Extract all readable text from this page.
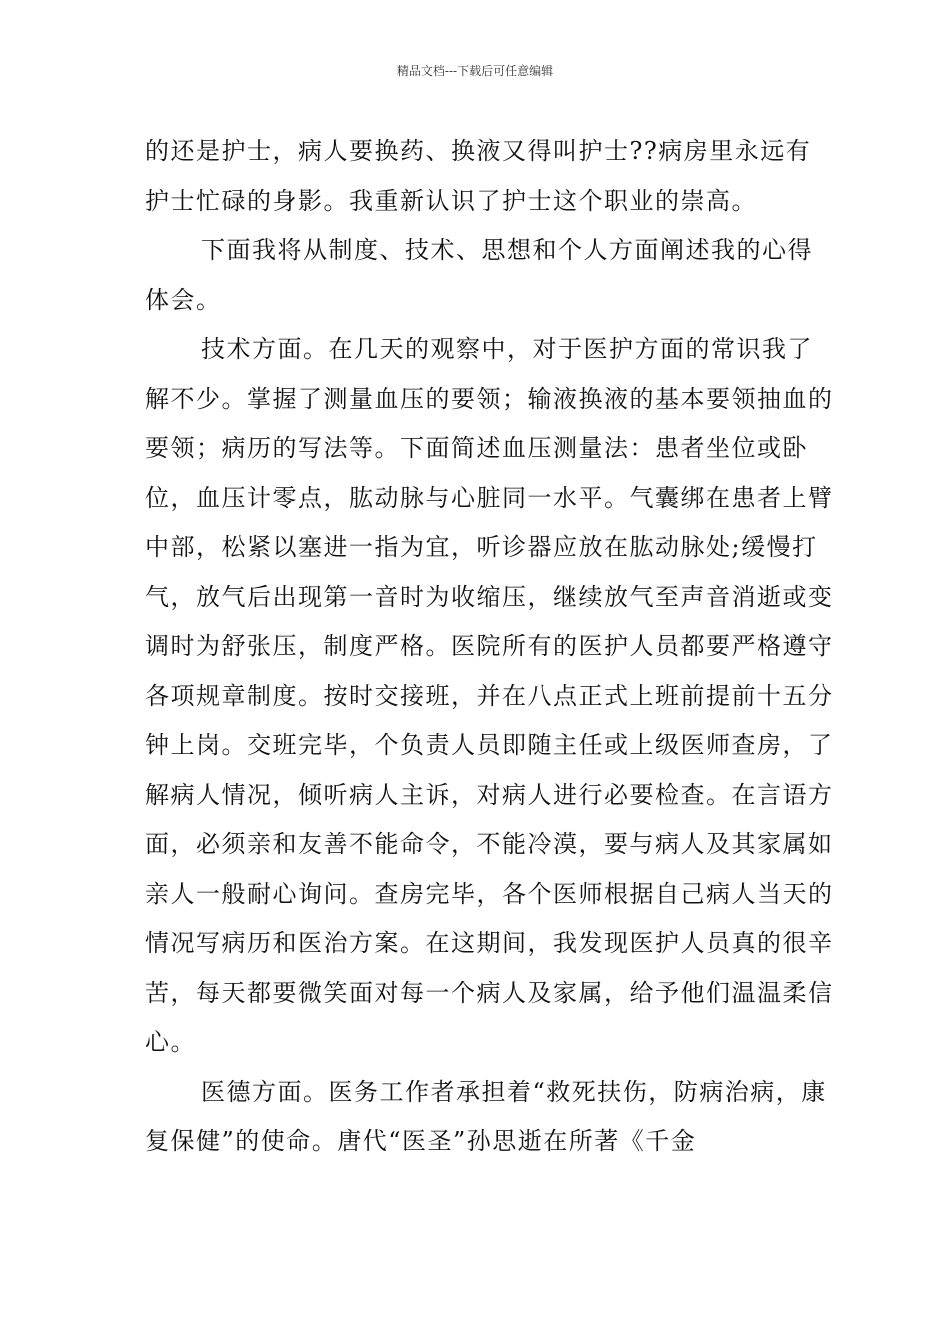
精品文档---下载后可任意编辑

的还是护士，病人要换药、换液又得叫护士??病房里永远有护士忙碌的身影。我重新认识了护士这个职业的崇高。

下面我将从制度、技术、思想和个人方面阐述我的心得体会。

技术方面。在几天的观察中，对于医护方面的常识我了解不少。掌握了测量血压的要领；输液换液的基本要领抽血的要领；病历的写法等。下面简述血压测量法：患者坐位或卧位，血压计零点，肱动脉与心脏同一水平。气囊绑在患者上臂中部，松紧以塞进一指为宜，听诊器应放在肱动脉处;缓慢打气，放气后出现第一音时为收缩压，继续放气至声音消逝或变调时为舒张压，制度严格。医院所有的医护人员都要严格遵守各项规章制度。按时交接班，并在八点正式上班前提前十五分钟上岗。交班完毕，个负责人员即随主任或上级医师查房，了解病人情况，倾听病人主诉，对病人进行必要检查。在言语方面，必须亲和友善不能命令，不能冷漠，要与病人及其家属如亲人一般耐心询问。查房完毕，各个医师根据自己病人当天的情况写病历和医治方案。在这期间，我发现医护人员真的很辛苦，每天都要微笑面对每一个病人及家属，给予他们温温柔信心。

医德方面。医务工作者承担着“救死扶伤，防病治病，康复保健”的使命。唐代“医圣”孙思逝在所著《千金
